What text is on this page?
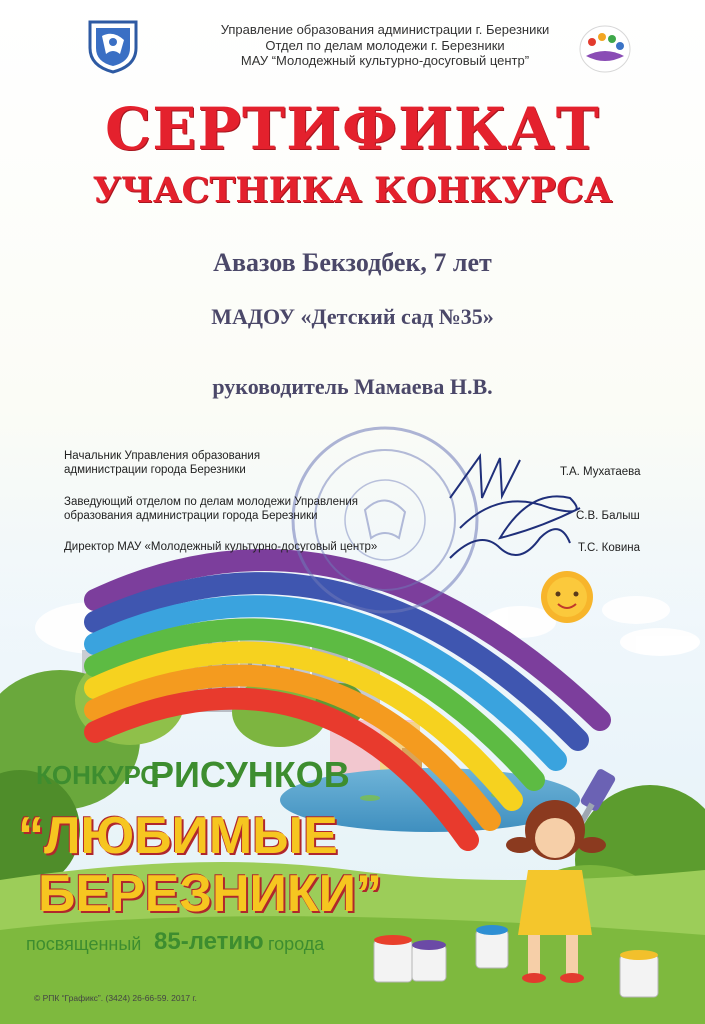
Управление образования администрации г. Березники
Отдел по делам молодежи г. Березники
МАУ “Молодежный культурно-досуговый центр”
СЕРТИФИКАТ
УЧАСТНИКА КОНКУРСА
Авазов Бекзодбек, 7 лет
МАДОУ «Детский сад №35»
руководитель Мамаева Н.В.
Начальник Управления образования администрации города Березники	Т.А. Мухатаева
Заведующий отделом по делам молодежи Управления образования администрации города Березники	С.В. Балыш
Директор МАУ «Молодежный культурно-досуговый центр»	Т.С. Ковина
КОНКУРС
РИСУНКОВ
“ЛЮБИМЫЕ
БЕРЕЗНИКИ”
посвященный 85-летию города
© РПК “Графикс”. (3424) 26-66-59. 2017 г.
